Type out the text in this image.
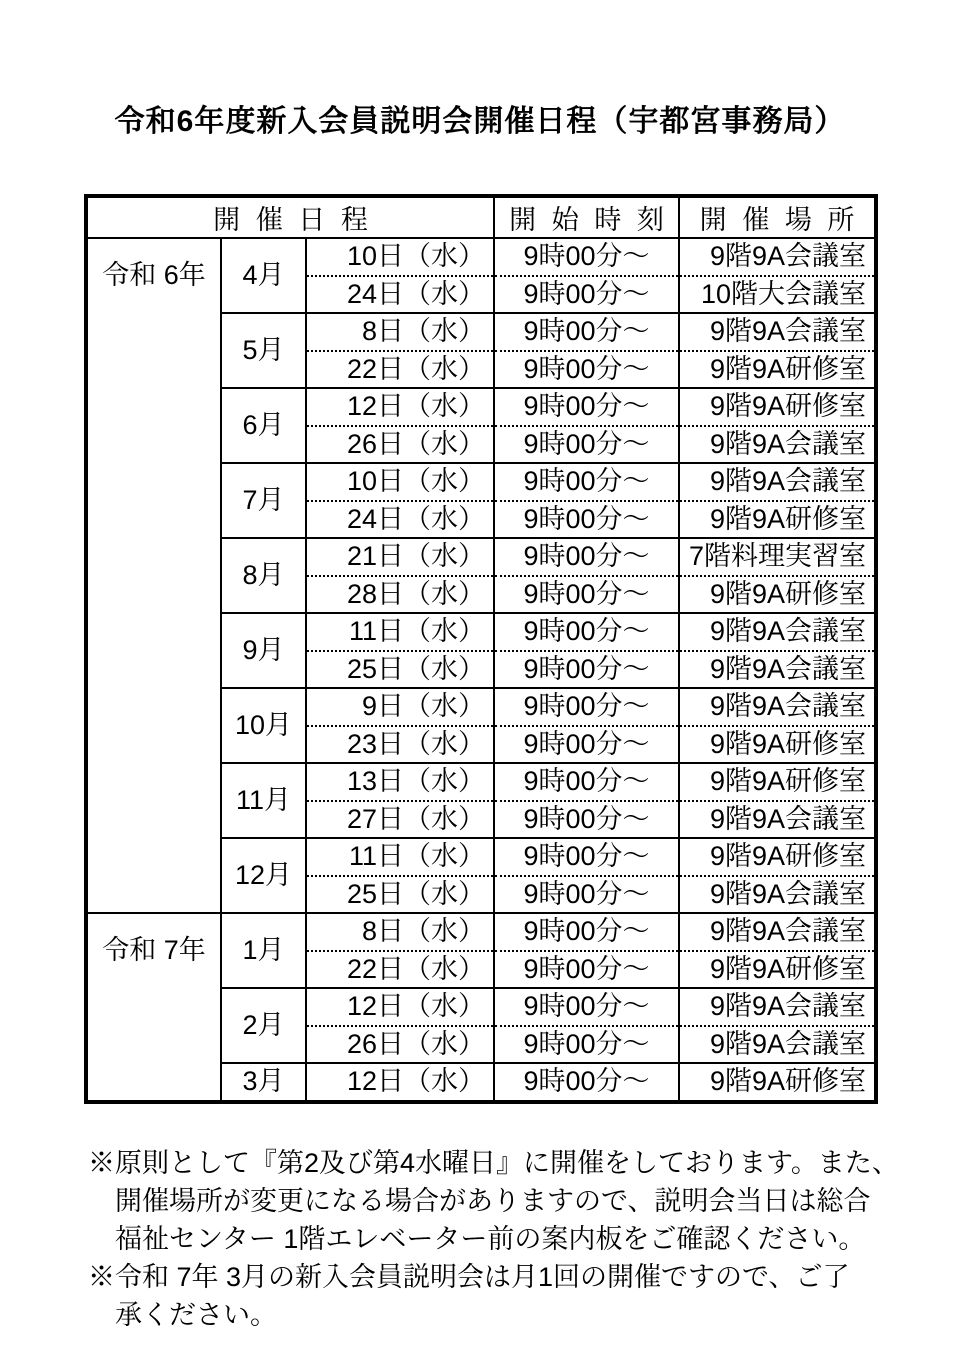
令和6年度新入会員説明会開催日程（宇都宮事務局）
開 催 日 程			開 始 時 刻	開 催 場 所

令和 6年	4月	10日（水）	9時00分～	9階9A会議室
		24日（水）	9時00分～	10階大会議室
	5月	8日（水）	9時00分～	9階9A会議室
		22日（水）	9時00分～	9階9A研修室
	6月	12日（水）	9時00分～	9階9A研修室
		26日（水）	9時00分～	9階9A会議室
	7月	10日（水）	9時00分～	9階9A会議室
		24日（水）	9時00分～	9階9A研修室
	8月	21日（水）	9時00分～	7階料理実習室
		28日（水）	9時00分～	9階9A研修室
	9月	11日（水）	9時00分～	9階9A会議室
		25日（水）	9時00分～	9階9A会議室
	10月	9日（水）	9時00分～	9階9A会議室
		23日（水）	9時00分～	9階9A研修室
	11月	13日（水）	9時00分～	9階9A研修室
		27日（水）	9時00分～	9階9A会議室
	12月	11日（水）	9時00分～	9階9A研修室
		25日（水）	9時00分～	9階9A会議室

令和 7年	1月	8日（水）	9時00分～	9階9A会議室
		22日（水）	9時00分～	9階9A研修室
	2月	12日（水）	9時00分～	9階9A会議室
		26日（水）	9時00分～	9階9A会議室
	3月	12日（水）	9時00分～	9階9A研修室
※原則として『第2及び第4水曜日』に開催をしております。また、
開催場所が変更になる場合がありますので、説明会当日は総合
福祉センター 1階エレベーター前の案内板をご確認ください。
※令和 7年 3月の新入会員説明会は月1回の開催ですので、ご了
承ください。
